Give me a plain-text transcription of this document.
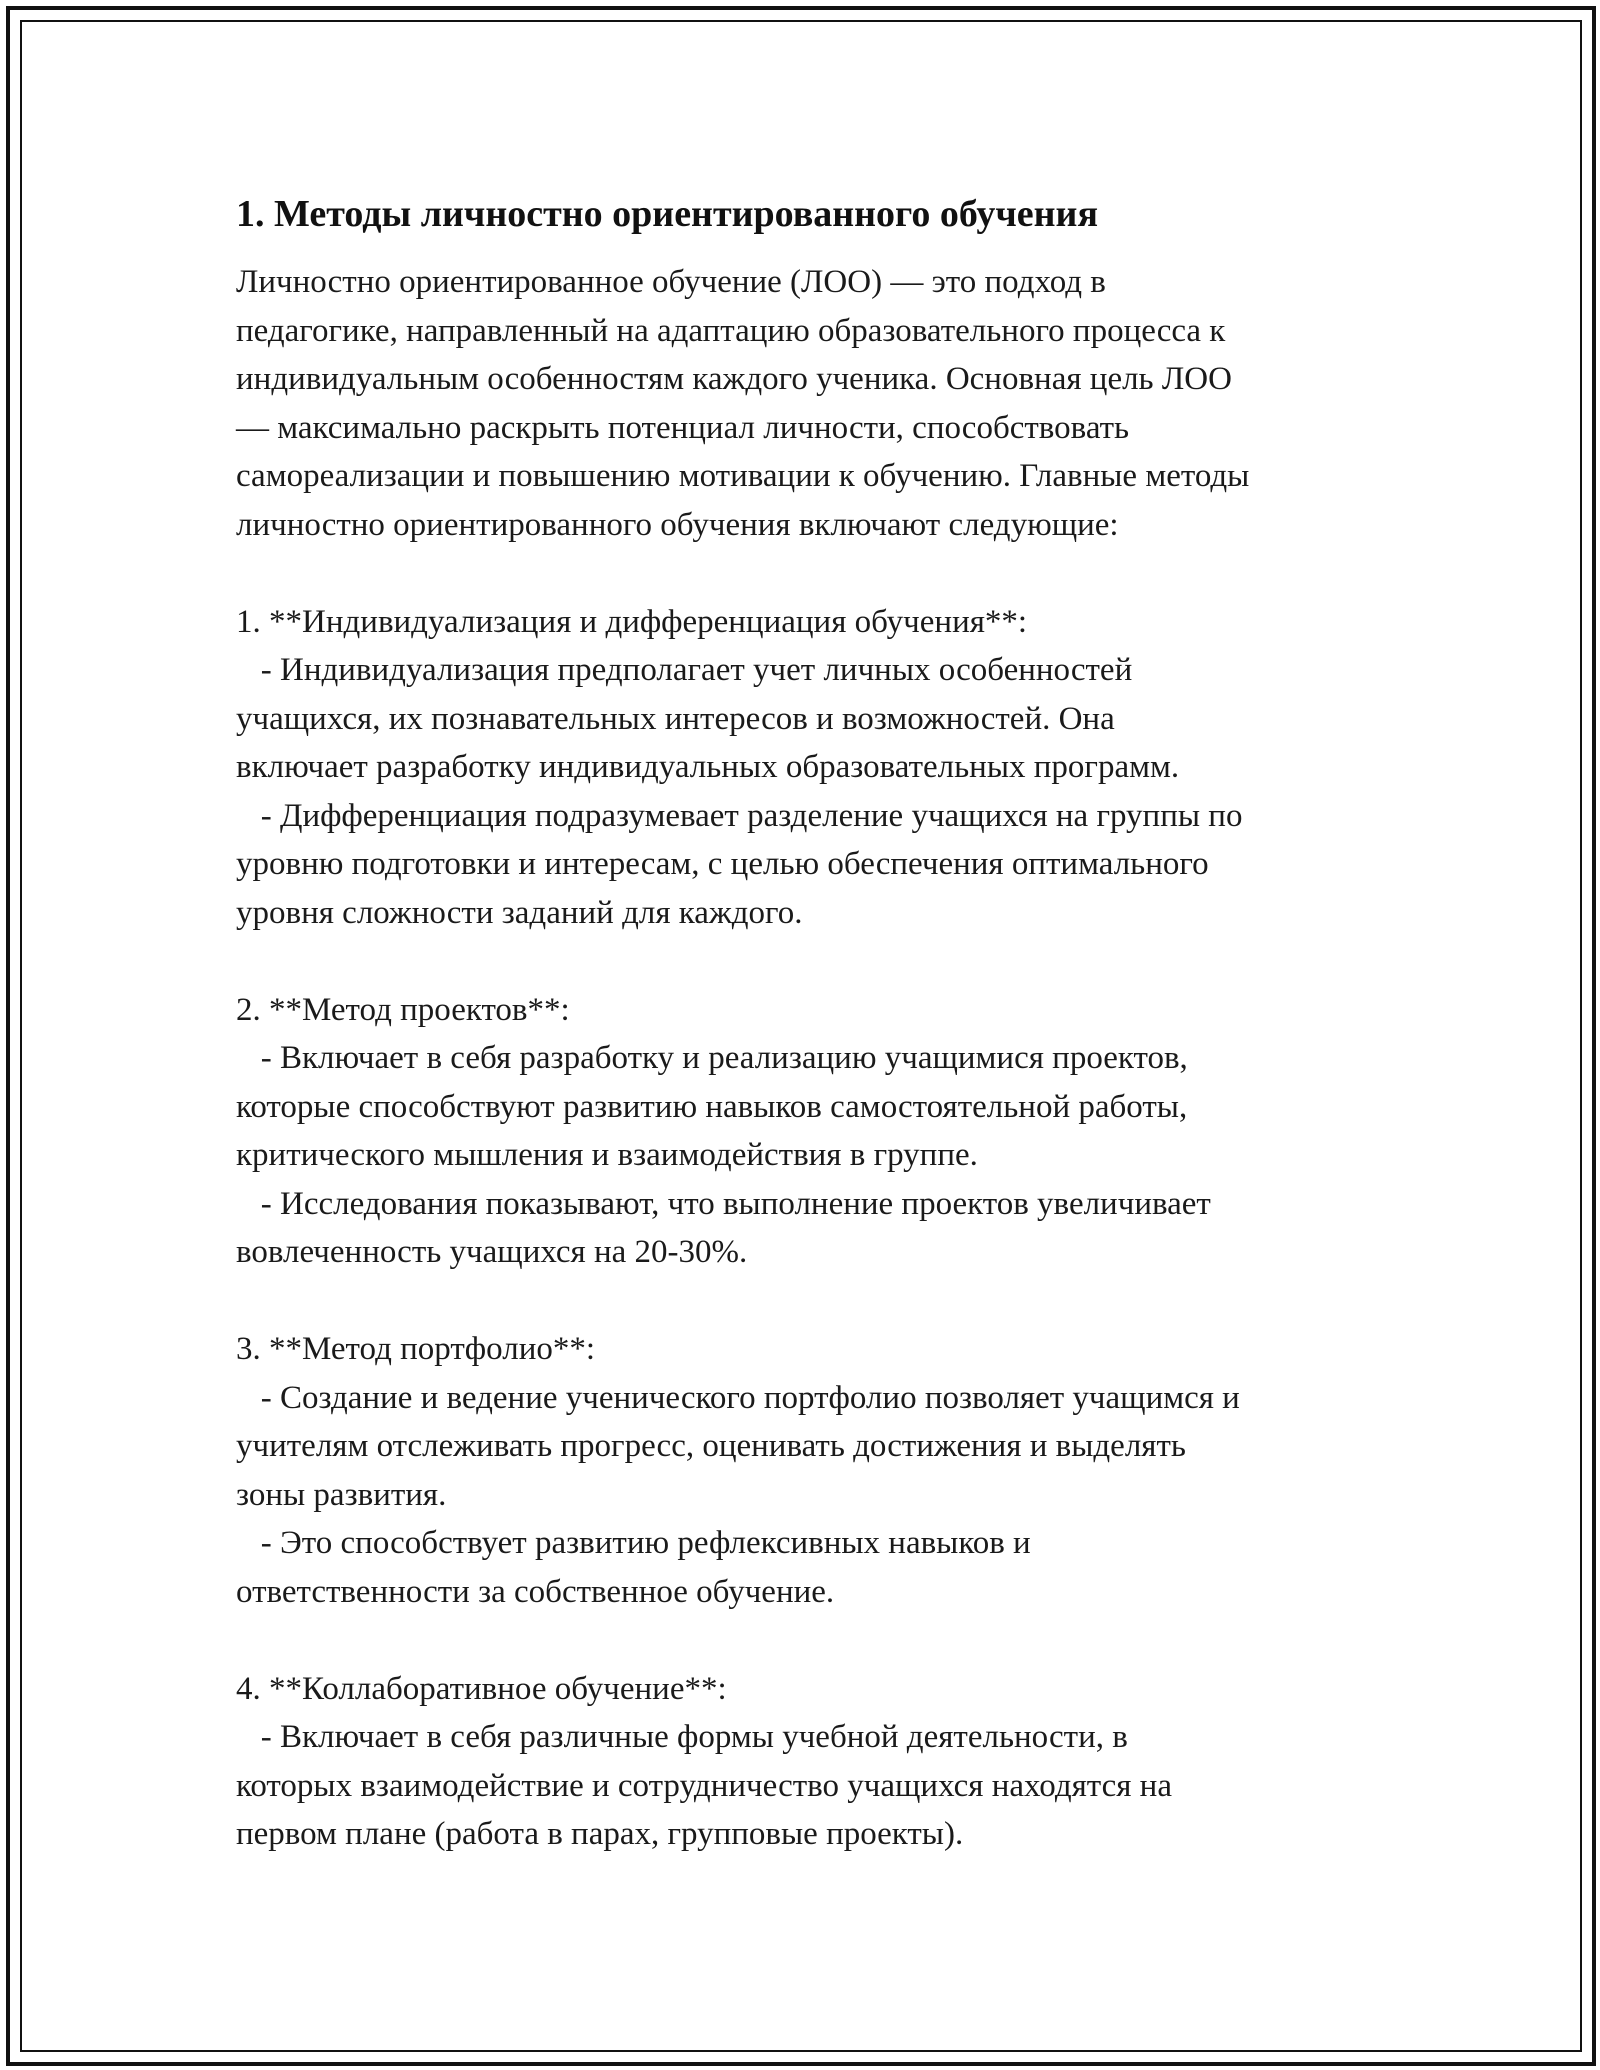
1. Методы личностно ориентированного обучения

Личностно ориентированное обучение (ЛОО) — это подход в
педагогике, направленный на адаптацию образовательного процесса к
индивидуальным особенностям каждого ученика. Основная цель ЛОО
— максимально раскрыть потенциал личности, способствовать
самореализации и повышению мотивации к обучению. Главные методы
личностно ориентированного обучения включают следующие:

1. **Индивидуализация и дифференциация обучения**:

- Индивидуализация предполагает учет личных особенностей
учащихся, их познавательных интересов и возможностей. Она
включает разработку индивидуальных образовательных программ.
- Дифференциация подразумевает разделение учащихся на группы по
уровню подготовки и интересам, с целью обеспечения оптимального
уровня сложности заданий для каждого.

2. **Метод проектов**:

- Включает в себя разработку и реализацию учащимися проектов,
которые способствуют развитию навыков самостоятельной работы,
критического мышления и взаимодействия в группе.
- Исследования показывают, что выполнение проектов увеличивает
вовлеченность учащихся на 20-30%.

3. **Метод портфолио**:

- Создание и ведение ученического портфолио позволяет учащимся и
учителям отслеживать прогресс, оценивать достижения и выделять
зоны развития.
- Это способствует развитию рефлексивных навыков и
ответственности за собственное обучение.

4. **Коллаборативное обучение**:

- Включает в себя различные формы учебной деятельности, в
которых взаимодействие и сотрудничество учащихся находятся на
первом плане (работа в парах, групповые проекты).
